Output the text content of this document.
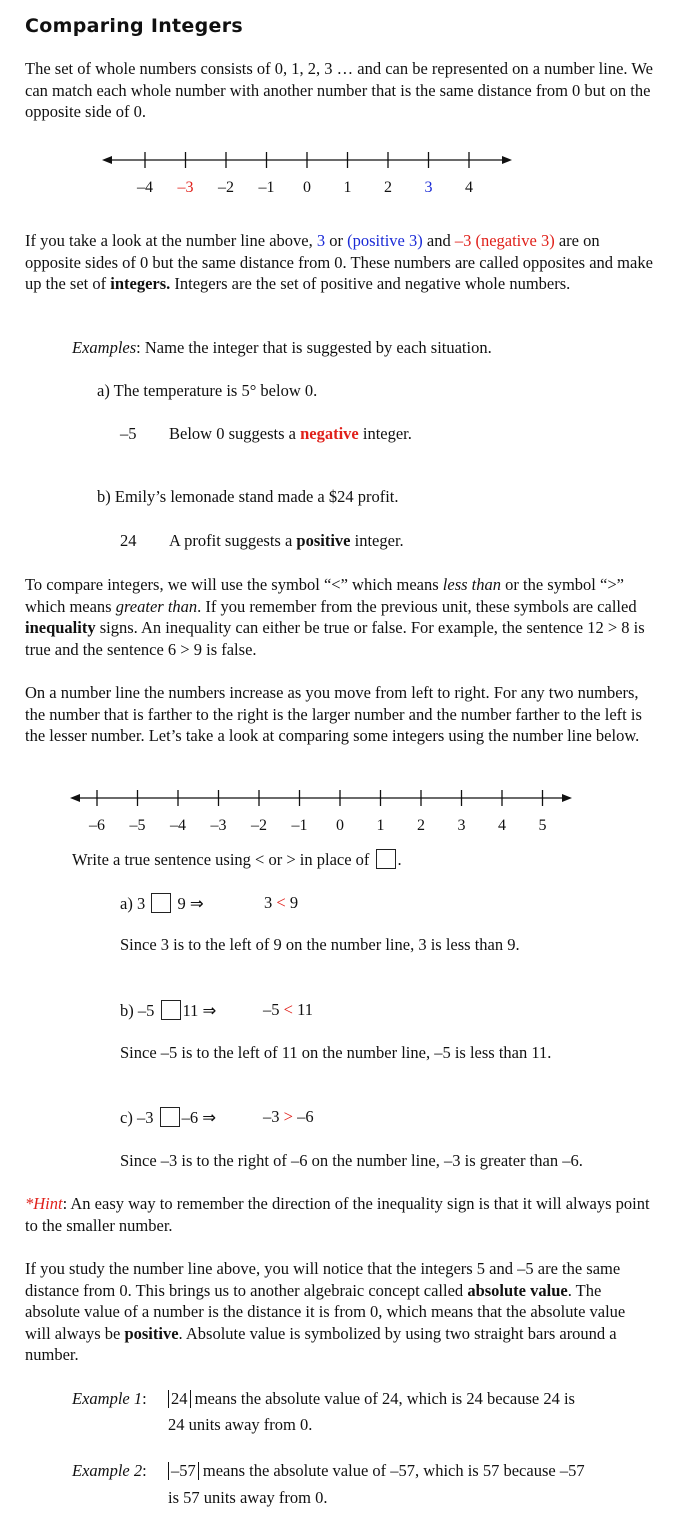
Comparing Integers

The set of whole numbers consists of 0, 1, 2, 3 … and can be represented on a number line. We can match each whole number with another number that is the same distance from 0 but on the opposite side of 0.

–4 –3 –2 –1 0 1 2 3 4

If you take a look at the number line above, 3 or (positive 3) and –3 (negative 3) are on opposite sides of 0 but the same distance from 0. These numbers are called opposites and make up the set of integers. Integers are the set of positive and negative whole numbers.

Examples: Name the integer that is suggested by each situation.

a) The temperature is 5° below 0.

–5 Below 0 suggests a negative integer.

b) Emily’s lemonade stand made a $24 profit.

24 A profit suggests a positive integer.

To compare integers, we will use the symbol “<” which means less than or the symbol “>” which means greater than. If you remember from the previous unit, these symbols are called inequality signs. An inequality can either be true or false. For example, the sentence 12 > 8 is true and the sentence 6 > 9 is false.

On a number line the numbers increase as you move from left to right. For any two numbers, the number that is farther to the right is the larger number and the number farther to the left is the lesser number. Let’s take a look at comparing some integers using the number line below.

–6 –5 –4 –3 –2 –1 0 1 2 3 4 5

Write a true sentence using < or > in place of .

a) 3 9 ⇒	3 < 9

Since 3 is to the left of 9 on the number line, 3 is less than 9.

b) –5 11 ⇒	–5 < 11

Since –5 is to the left of 11 on the number line, –5 is less than 11.

c) –3 –6 ⇒	–3 > –6

Since –3 is to the right of –6 on the number line, –3 is greater than –6.

*Hint: An easy way to remember the direction of the inequality sign is that it will always point to the smaller number.

If you study the number line above, you will notice that the integers 5 and –5 are the same distance from 0. This brings us to another algebraic concept called absolute value. The absolute value of a number is the distance it is from 0, which means that the absolute value will always be positive. Absolute value is symbolized by using two straight bars around a number.

Example 1: 24 means the absolute value of 24, which is 24 because 24 is

24 units away from 0.

Example 2: –57 means the absolute value of –57, which is 57 because –57

is 57 units away from 0.
